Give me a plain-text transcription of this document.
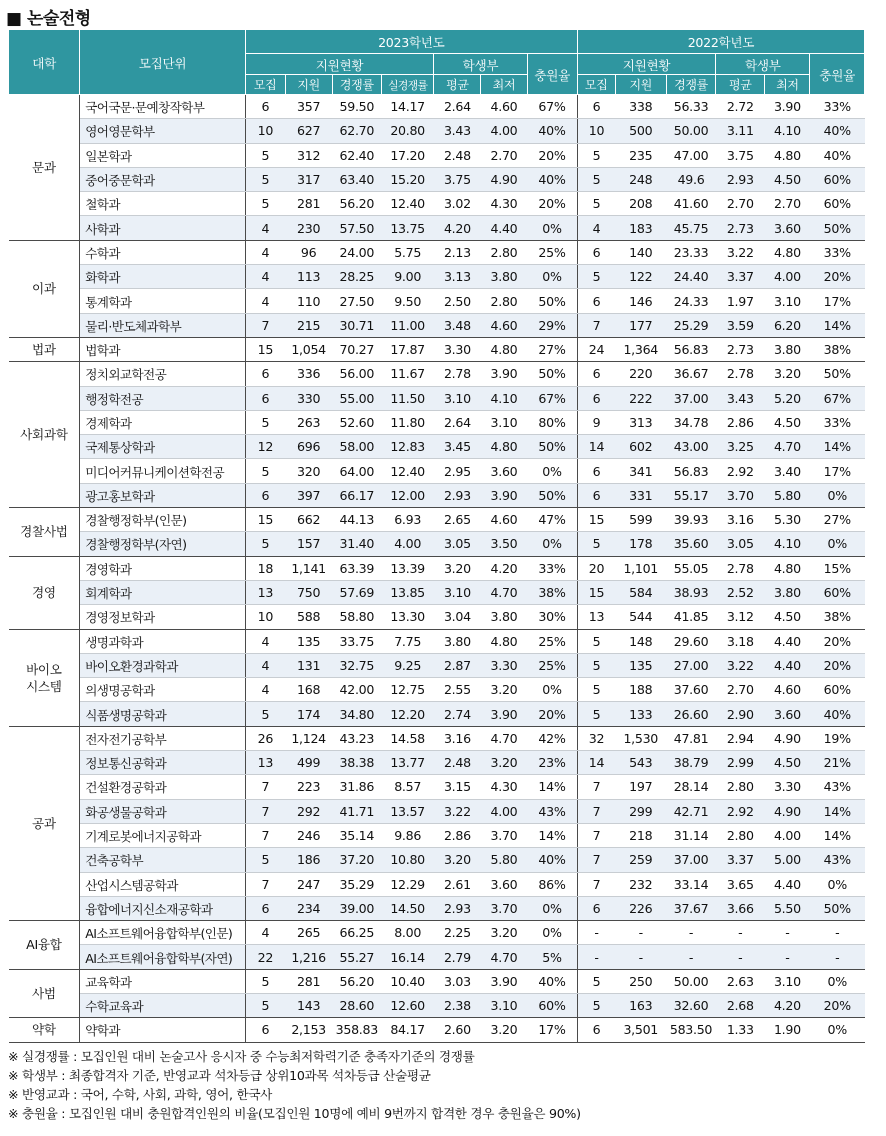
■ 논술전형
대학	모집단위	2023학년도							2022학년도					
		지원현황				학생부		충원율	지원현황			학생부		충원율
		모집	지원	경쟁률	실경쟁률	평균	최저		모집	지원	경쟁률	평균	최저	
문과	국어국문·문예창작학부	6	357	59.50	14.17	2.64	4.60	67%	6	338	56.33	2.72	3.90	33%
	영어영문학부	10	627	62.70	20.80	3.43	4.00	40%	10	500	50.00	3.11	4.10	40%
	일본학과	5	312	62.40	17.20	2.48	2.70	20%	5	235	47.00	3.75	4.80	40%
	중어중문학과	5	317	63.40	15.20	3.75	4.90	40%	5	248	49.6	2.93	4.50	60%
	철학과	5	281	56.20	12.40	3.02	4.30	20%	5	208	41.60	2.70	2.70	60%
	사학과	4	230	57.50	13.75	4.20	4.40	0%	4	183	45.75	2.73	3.60	50%
이과	수학과	4	96	24.00	5.75	2.13	2.80	25%	6	140	23.33	3.22	4.80	33%
	화학과	4	113	28.25	9.00	3.13	3.80	0%	5	122	24.40	3.37	4.00	20%
	통계학과	4	110	27.50	9.50	2.50	2.80	50%	6	146	24.33	1.97	3.10	17%
	물리·반도체과학부	7	215	30.71	11.00	3.48	4.60	29%	7	177	25.29	3.59	6.20	14%
법과	법학과	15	1,054	70.27	17.87	3.30	4.80	27%	24	1,364	56.83	2.73	3.80	38%
사회과학	정치외교학전공	6	336	56.00	11.67	2.78	3.90	50%	6	220	36.67	2.78	3.20	50%
	행정학전공	6	330	55.00	11.50	3.10	4.10	67%	6	222	37.00	3.43	5.20	67%
	경제학과	5	263	52.60	11.80	2.64	3.10	80%	9	313	34.78	2.86	4.50	33%
	국제통상학과	12	696	58.00	12.83	3.45	4.80	50%	14	602	43.00	3.25	4.70	14%
	미디어커뮤니케이션학전공	5	320	64.00	12.40	2.95	3.60	0%	6	341	56.83	2.92	3.40	17%
	광고홍보학과	6	397	66.17	12.00	2.93	3.90	50%	6	331	55.17	3.70	5.80	0%
경찰사법	경찰행정학부(인문)	15	662	44.13	6.93	2.65	4.60	47%	15	599	39.93	3.16	5.30	27%
	경찰행정학부(자연)	5	157	31.40	4.00	3.05	3.50	0%	5	178	35.60	3.05	4.10	0%
경영	경영학과	18	1,141	63.39	13.39	3.20	4.20	33%	20	1,101	55.05	2.78	4.80	15%
	회계학과	13	750	57.69	13.85	3.10	4.70	38%	15	584	38.93	2.52	3.80	60%
	경영정보학과	10	588	58.80	13.30	3.04	3.80	30%	13	544	41.85	3.12	4.50	38%
바이오
시스템	생명과학과	4	135	33.75	7.75	3.80	4.80	25%	5	148	29.60	3.18	4.40	20%
	바이오환경과학과	4	131	32.75	9.25	2.87	3.30	25%	5	135	27.00	3.22	4.40	20%
	의생명공학과	4	168	42.00	12.75	2.55	3.20	0%	5	188	37.60	2.70	4.60	60%
	식품생명공학과	5	174	34.80	12.20	2.74	3.90	20%	5	133	26.60	2.90	3.60	40%
공과	전자전기공학부	26	1,124	43.23	14.58	3.16	4.70	42%	32	1,530	47.81	2.94	4.90	19%
	정보통신공학과	13	499	38.38	13.77	2.48	3.20	23%	14	543	38.79	2.99	4.50	21%
	건설환경공학과	7	223	31.86	8.57	3.15	4.30	14%	7	197	28.14	2.80	3.30	43%
	화공생물공학과	7	292	41.71	13.57	3.22	4.00	43%	7	299	42.71	2.92	4.90	14%
	기계로봇에너지공학과	7	246	35.14	9.86	2.86	3.70	14%	7	218	31.14	2.80	4.00	14%
	건축공학부	5	186	37.20	10.80	3.20	5.80	40%	7	259	37.00	3.37	5.00	43%
	산업시스템공학과	7	247	35.29	12.29	2.61	3.60	86%	7	232	33.14	3.65	4.40	0%
	융합에너지신소재공학과	6	234	39.00	14.50	2.93	3.70	0%	6	226	37.67	3.66	5.50	50%
AI융합	AI소프트웨어융합학부(인문)	4	265	66.25	8.00	2.25	3.20	0%	-	-	-	-	-	-
	AI소프트웨어융합학부(자연)	22	1,216	55.27	16.14	2.79	4.70	5%	-	-	-	-	-	-
사범	교육학과	5	281	56.20	10.40	3.03	3.90	40%	5	250	50.00	2.63	3.10	0%
	수학교육과	5	143	28.60	12.60	2.38	3.10	60%	5	163	32.60	2.68	4.20	20%
약학	약학과	6	2,153	358.83	84.17	2.60	3.20	17%	6	3,501	583.50	1.33	1.90	0%
※ 실경쟁률 : 모집인원 대비 논술고사 응시자 중 수능최저학력기준 충족자기준의 경쟁률
※ 학생부 : 최종합격자 기준, 반영교과 석차등급 상위10과목 석차등급 산술평균
※ 반영교과 : 국어, 수학, 사회, 과학, 영어, 한국사
※ 충원율 : 모집인원 대비 충원합격인원의 비율(모집인원 10명에 예비 9번까지 합격한 경우 충원율은 90%)
